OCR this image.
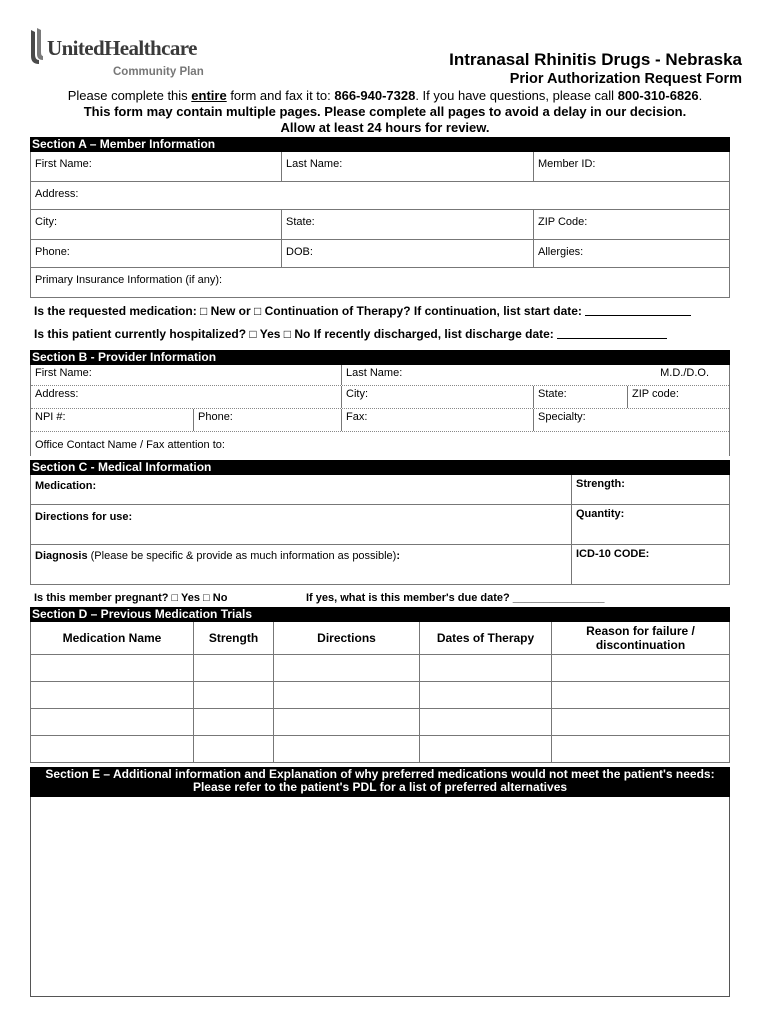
UnitedHealthcare
Community Plan
Intranasal Rhinitis Drugs - Nebraska
Prior Authorization Request Form
Please complete this entire form and fax it to: 866-940-7328. If you have questions, please call 800-310-6826.
This form may contain multiple pages. Please complete all pages to avoid a delay in our decision.
Allow at least 24 hours for review.
Section A – Member Information
First Name:	Last Name:	Member ID:
Address:
City:	State:	ZIP Code:
Phone:	DOB:	Allergies:
Primary Insurance Information (if any):
Is the requested medication: □ New or □ Continuation of Therapy? If continuation, list start date:
Is this patient currently hospitalized? □ Yes □ No If recently discharged, list discharge date:
Section B - Provider Information
First Name:	Last Name:	M.D./D.O.
Address:	City:	State:	ZIP code:
NPI #:	Phone:	Fax:	Specialty:
Office Contact Name / Fax attention to:
Section C - Medical Information
Medication:	Strength:
Directions for use:	Quantity:
Diagnosis (Please be specific & provide as much information as possible):	ICD-10 CODE:
Is this member pregnant? □ Yes □ No	If yes, what is this member's due date? _______________
Section D – Previous Medication Trials
Medication Name	Strength	Directions	Dates of Therapy	Reason for failure / discontinuation
Section E – Additional information and Explanation of why preferred medications would not meet the patient's needs:
Please refer to the patient's PDL for a list of preferred alternatives
